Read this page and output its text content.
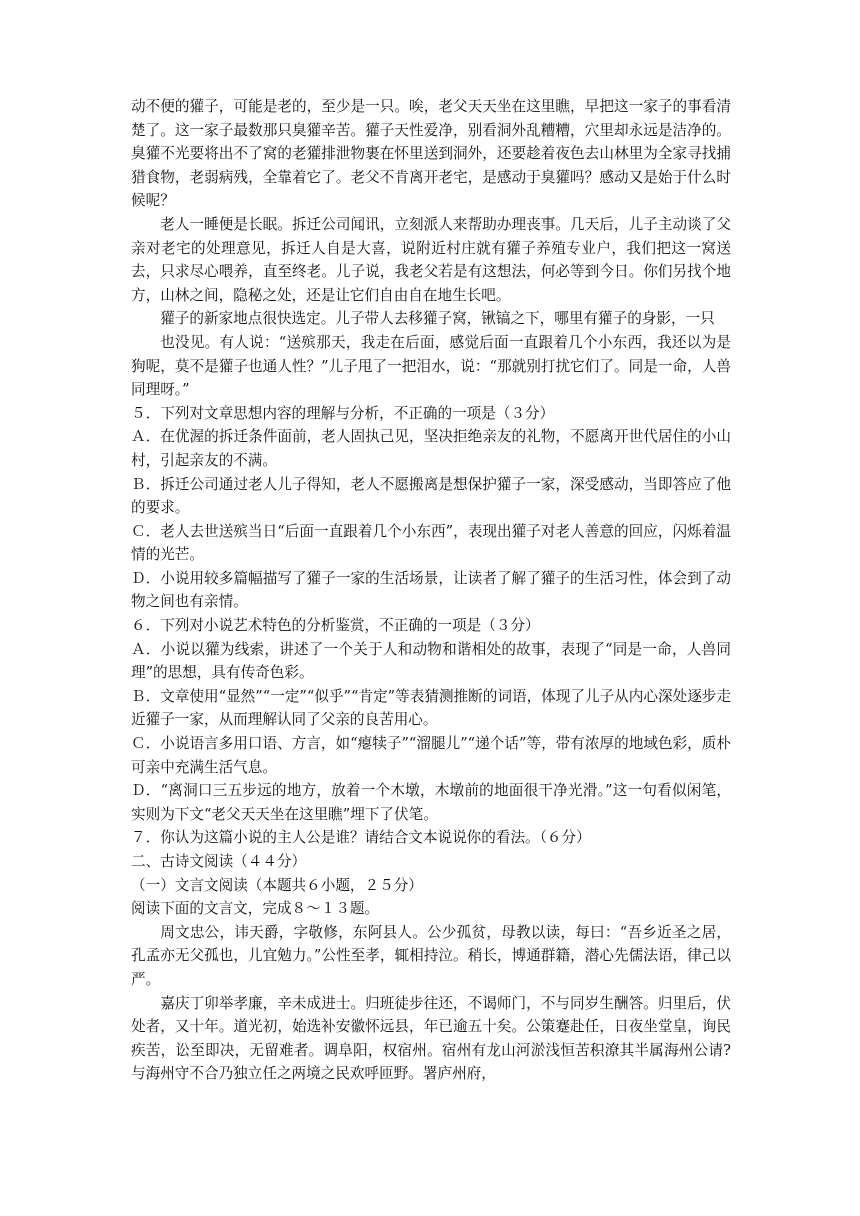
动不便的獾子，可能是老的，至少是一只。唉，老父天天坐在这里瞧，早把这一家子的事看清楚了。这一家子最数那只臭獾辛苦。獾子天性爱净，别看洞外乱糟糟，穴里却永远是洁净的。臭獾不光要将出不了窝的老獾排泄物裹在怀里送到洞外，还要趁着夜色去山林里为全家寻找捕猎食物，老弱病残，全靠着它了。老父不肯离开老宅，是感动于臭獾吗？感动又是始于什么时候呢？

老人一睡便是长眠。拆迁公司闻讯，立刻派人来帮助办理丧事。几天后，儿子主动谈了父亲对老宅的处理意见，拆迁人自是大喜，说附近村庄就有獾子养殖专业户，我们把这一窝送去，只求尽心喂养，直至终老。儿子说，我老父若是有这想法，何必等到今日。你们另找个地方，山林之间，隐秘之处，还是让它们自由自在地生长吧。

獾子的新家地点很快选定。儿子带人去移獾子窝，锹镐之下，哪里有獾子的身影，一只

也没见。有人说：“送殡那天，我走在后面，感觉后面一直跟着几个小东西，我还以为是狗呢，莫不是獾子也通人性？”儿子甩了一把泪水，说：“那就别打扰它们了。同是一命，人兽同理呀。”

５．下列对文章思想内容的理解与分析，不正确的一项是（３分）

Ａ．在优渥的拆迁条件面前，老人固执己见，坚决拒绝亲友的礼物，不愿离开世代居住的小山村，引起亲友的不满。

Ｂ．拆迁公司通过老人儿子得知，老人不愿搬离是想保护獾子一家，深受感动，当即答应了他的要求。

Ｃ．老人去世送殡当日“后面一直跟着几个小东西”，表现出獾子对老人善意的回应，闪烁着温情的光芒。

Ｄ．小说用较多篇幅描写了獾子一家的生活场景，让读者了解了獾子的生活习性，体会到了动物之间也有亲情。

６．下列对小说艺术特色的分析鉴赏，不正确的一项是（３分）

Ａ．小说以獾为线索，讲述了一个关于人和动物和谐相处的故事，表现了“同是一命，人兽同理”的思想，具有传奇色彩。

Ｂ．文章使用“显然”“一定”“似乎”“肯定”等表猜测推断的词语，体现了儿子从内心深处逐步走近獾子一家，从而理解认同了父亲的良苦用心。

Ｃ．小说语言多用口语、方言，如“瘪犊子”“溜腿儿”“递个话”等，带有浓厚的地域色彩，质朴可亲中充满生活气息。

Ｄ．“离洞口三五步远的地方，放着一个木墩，木墩前的地面很干净光滑。”这一句看似闲笔，实则为下文“老父天天坐在这里瞧”埋下了伏笔。

７．你认为这篇小说的主人公是谁？请结合文本说说你的看法。（６分）

二、古诗文阅读（４４分）

（一）文言文阅读（本题共６小题，２５分）

阅读下面的文言文，完成８～１３题。

周文忠公，讳天爵，字敬修，东阿县人。公少孤贫，母教以读，每曰：“吾乡近圣之居，孔孟亦无父孤也，儿宜勉力。”公性至孝，辄相持泣。稍长，博通群籍，潜心先儒法语，律己以严。

嘉庆丁卯举孝廉，辛未成进士。归班徒步往还，不谒师门，不与同岁生酬答。归里后，伏处者，又十年。道光初，始选补安徽怀远县，年已逾五十矣。公策蹇赴任，日夜坐堂皇，询民疾苦，讼至即决，无留难者。调阜阳，权宿州。宿州有龙山河淤浅恒苦积潦其半属海州公请?与海州守不合乃独立任之两境之民欢呼匝野。署庐州府，
